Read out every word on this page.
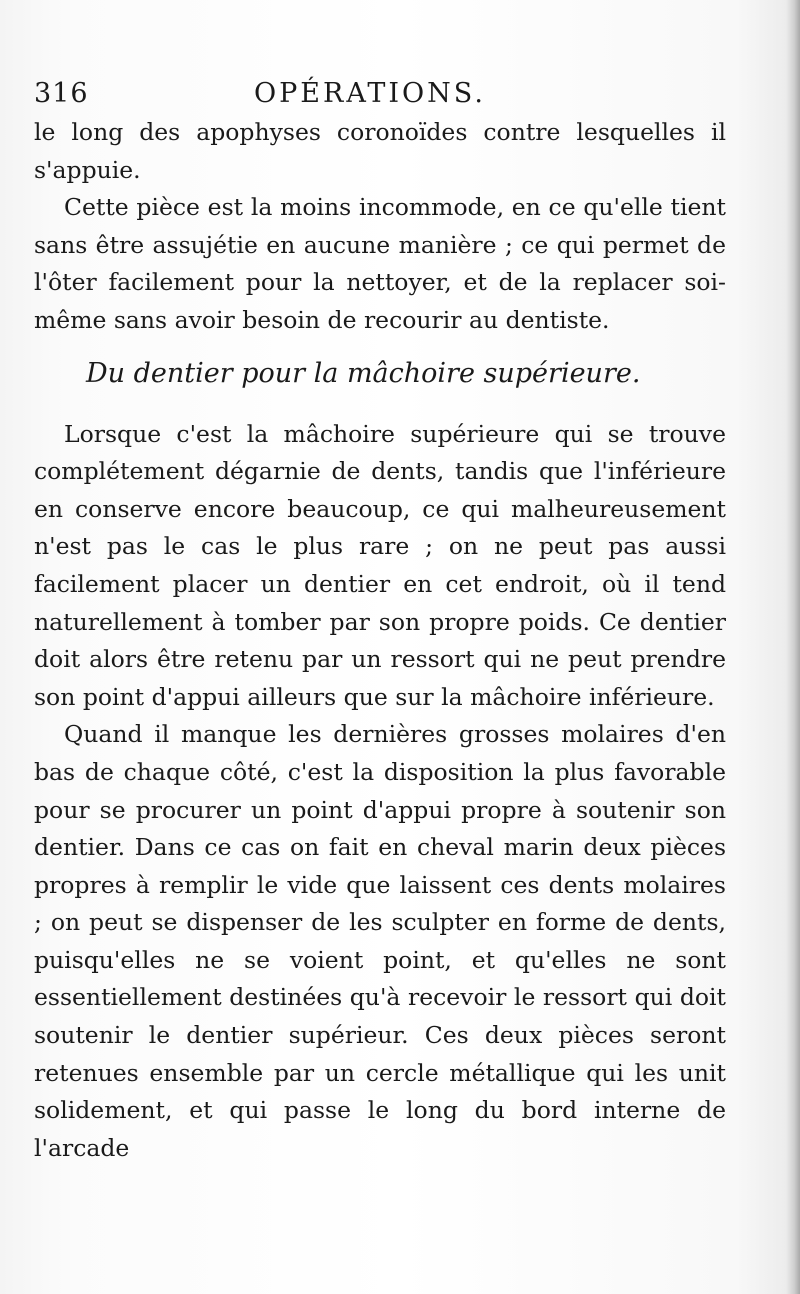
316	OPÉRATIONS.

le long des apophyses coronoïdes contre lesquelles il s'appuie.

Cette pièce est la moins incommode, en ce qu'elle tient sans être assujétie en aucune manière ; ce qui permet de l'ôter facilement pour la nettoyer, et de la replacer soi-même sans avoir besoin de recourir au dentiste.

Du dentier pour la mâchoire supérieure.

Lorsque c'est la mâchoire supérieure qui se trouve complétement dégarnie de dents, tandis que l'inférieure en conserve encore beaucoup, ce qui malheureusement n'est pas le cas le plus rare ; on ne peut pas aussi facilement placer un dentier en cet endroit, où il tend naturellement à tomber par son propre poids. Ce dentier doit alors être retenu par un ressort qui ne peut prendre son point d'appui ailleurs que sur la mâchoire inférieure.

Quand il manque les dernières grosses molaires d'en bas de chaque côté, c'est la disposition la plus favorable pour se procurer un point d'appui propre à soutenir son dentier. Dans ce cas on fait en cheval marin deux pièces propres à remplir le vide que laissent ces dents molaires ; on peut se dispenser de les sculpter en forme de dents, puisqu'elles ne se voient point, et qu'elles ne sont essentiellement destinées qu'à recevoir le ressort qui doit soutenir le dentier supérieur. Ces deux pièces seront retenues ensemble par un cercle métallique qui les unit solidement, et qui passe le long du bord interne de l'arcade
